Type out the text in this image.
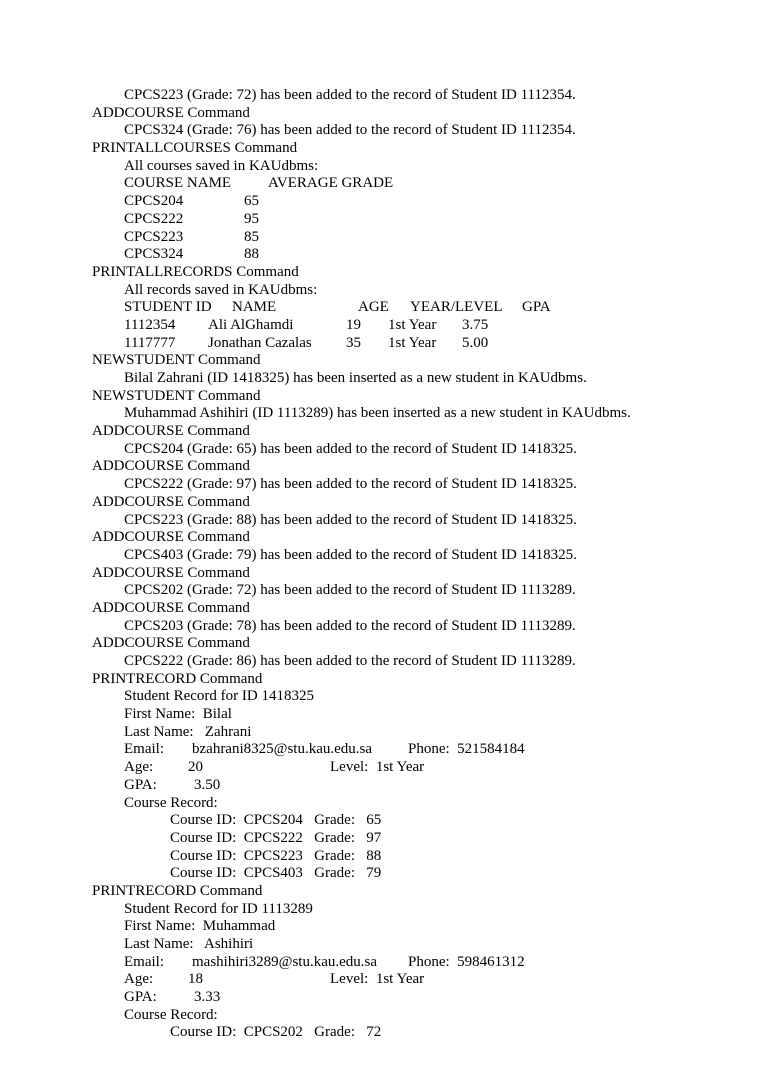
CPCS223 (Grade: 72) has been added to the record of Student ID 1112354.
ADDCOURSE Command
CPCS324 (Grade: 76) has been added to the record of Student ID 1112354.
PRINTALLCOURSES Command
All courses saved in KAUdbms:
COURSE NAME AVERAGE GRADE
CPCS204	65
CPCS222	95
CPCS223	85
CPCS324	88
PRINTALLRECORDS Command
All records saved in KAUdbms:
STUDENT ID NAME	AGE YEAR/LEVEL GPA
1112354 Ali AlGhamdi	19 1st Year 3.75
1117777 Jonathan Cazalas 35 1st Year 5.00
NEWSTUDENT Command
Bilal Zahrani (ID 1418325) has been inserted as a new student in KAUdbms.
NEWSTUDENT Command
Muhammad Ashihiri (ID 1113289) has been inserted as a new student in KAUdbms.
ADDCOURSE Command
CPCS204 (Grade: 65) has been added to the record of Student ID 1418325.
ADDCOURSE Command
CPCS222 (Grade: 97) has been added to the record of Student ID 1418325.
ADDCOURSE Command
CPCS223 (Grade: 88) has been added to the record of Student ID 1418325.
ADDCOURSE Command
CPCS403 (Grade: 79) has been added to the record of Student ID 1418325.
ADDCOURSE Command
CPCS202 (Grade: 72) has been added to the record of Student ID 1113289.
ADDCOURSE Command
CPCS203 (Grade: 78) has been added to the record of Student ID 1113289.
ADDCOURSE Command
CPCS222 (Grade: 86) has been added to the record of Student ID 1113289.
PRINTRECORD Command
Student Record for ID 1418325
First Name:  Bilal
Last Name:   Zahrani
Email: bzahrani8325@stu.kau.edu.sa Phone:  521584184
Age: 20	Level:  1st Year
GPA: 3.50
Course Record:
Course ID:  CPCS204   Grade:   65
Course ID:  CPCS222   Grade:   97
Course ID:  CPCS223   Grade:   88
Course ID:  CPCS403   Grade:   79
PRINTRECORD Command
Student Record for ID 1113289
First Name:  Muhammad
Last Name:   Ashihiri
Email: mashihiri3289@stu.kau.edu.sa Phone:  598461312
Age: 18	Level:  1st Year
GPA: 3.33
Course Record:
Course ID:  CPCS202   Grade:   72
